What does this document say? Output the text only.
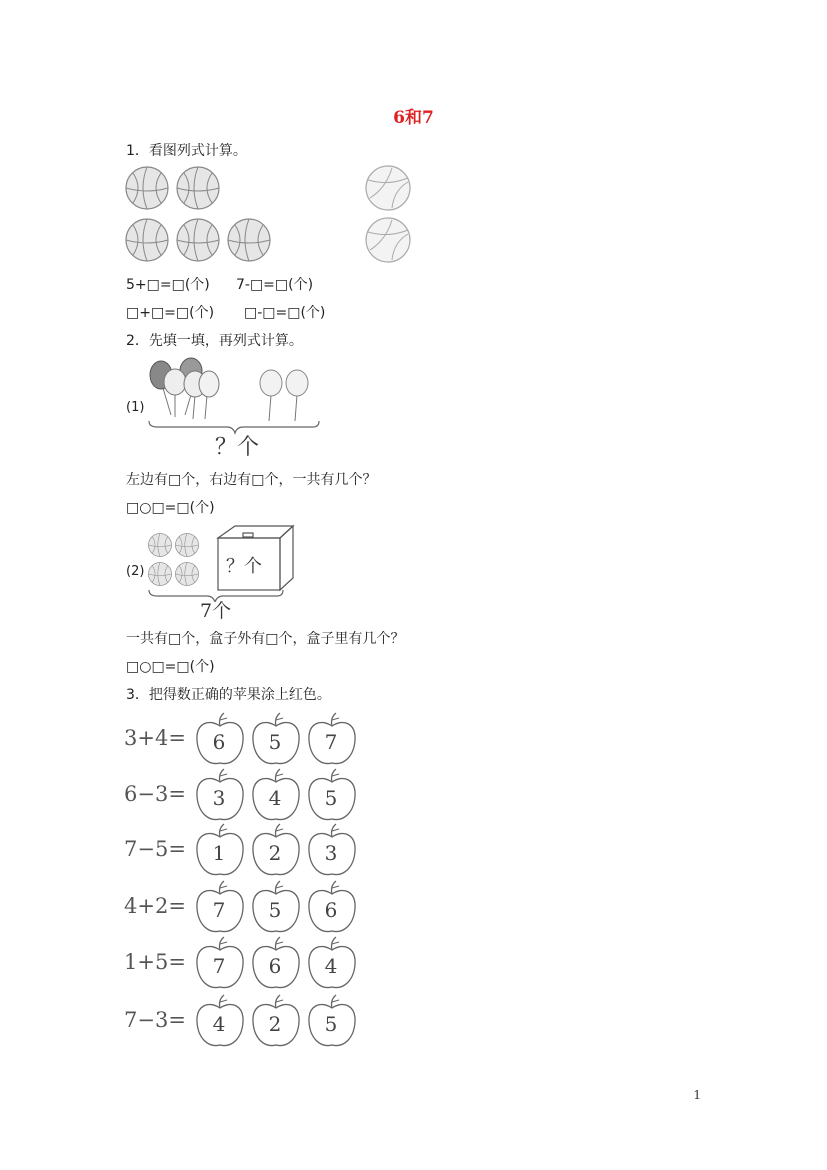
6和7
1．看图列式计算。
5+□=□(个) 7-□=□(个)
□+□=□(个) □-□=□(个)
2．先填一填，再列式计算。
(1)
？个
左边有□个，右边有□个，一共有几个？
□○□=□(个)
(2)	？个
7个
一共有□个，盒子外有□个，盒子里有几个？
□○□=□(个)
3．把得数正确的苹果涂上红色。
3+4=	6	5	7
6−3=	3	4	5
7−5=	1	2	3
4+2=	7	5	6
1+5=	7	6	4
7−3=	4	2	5
1
